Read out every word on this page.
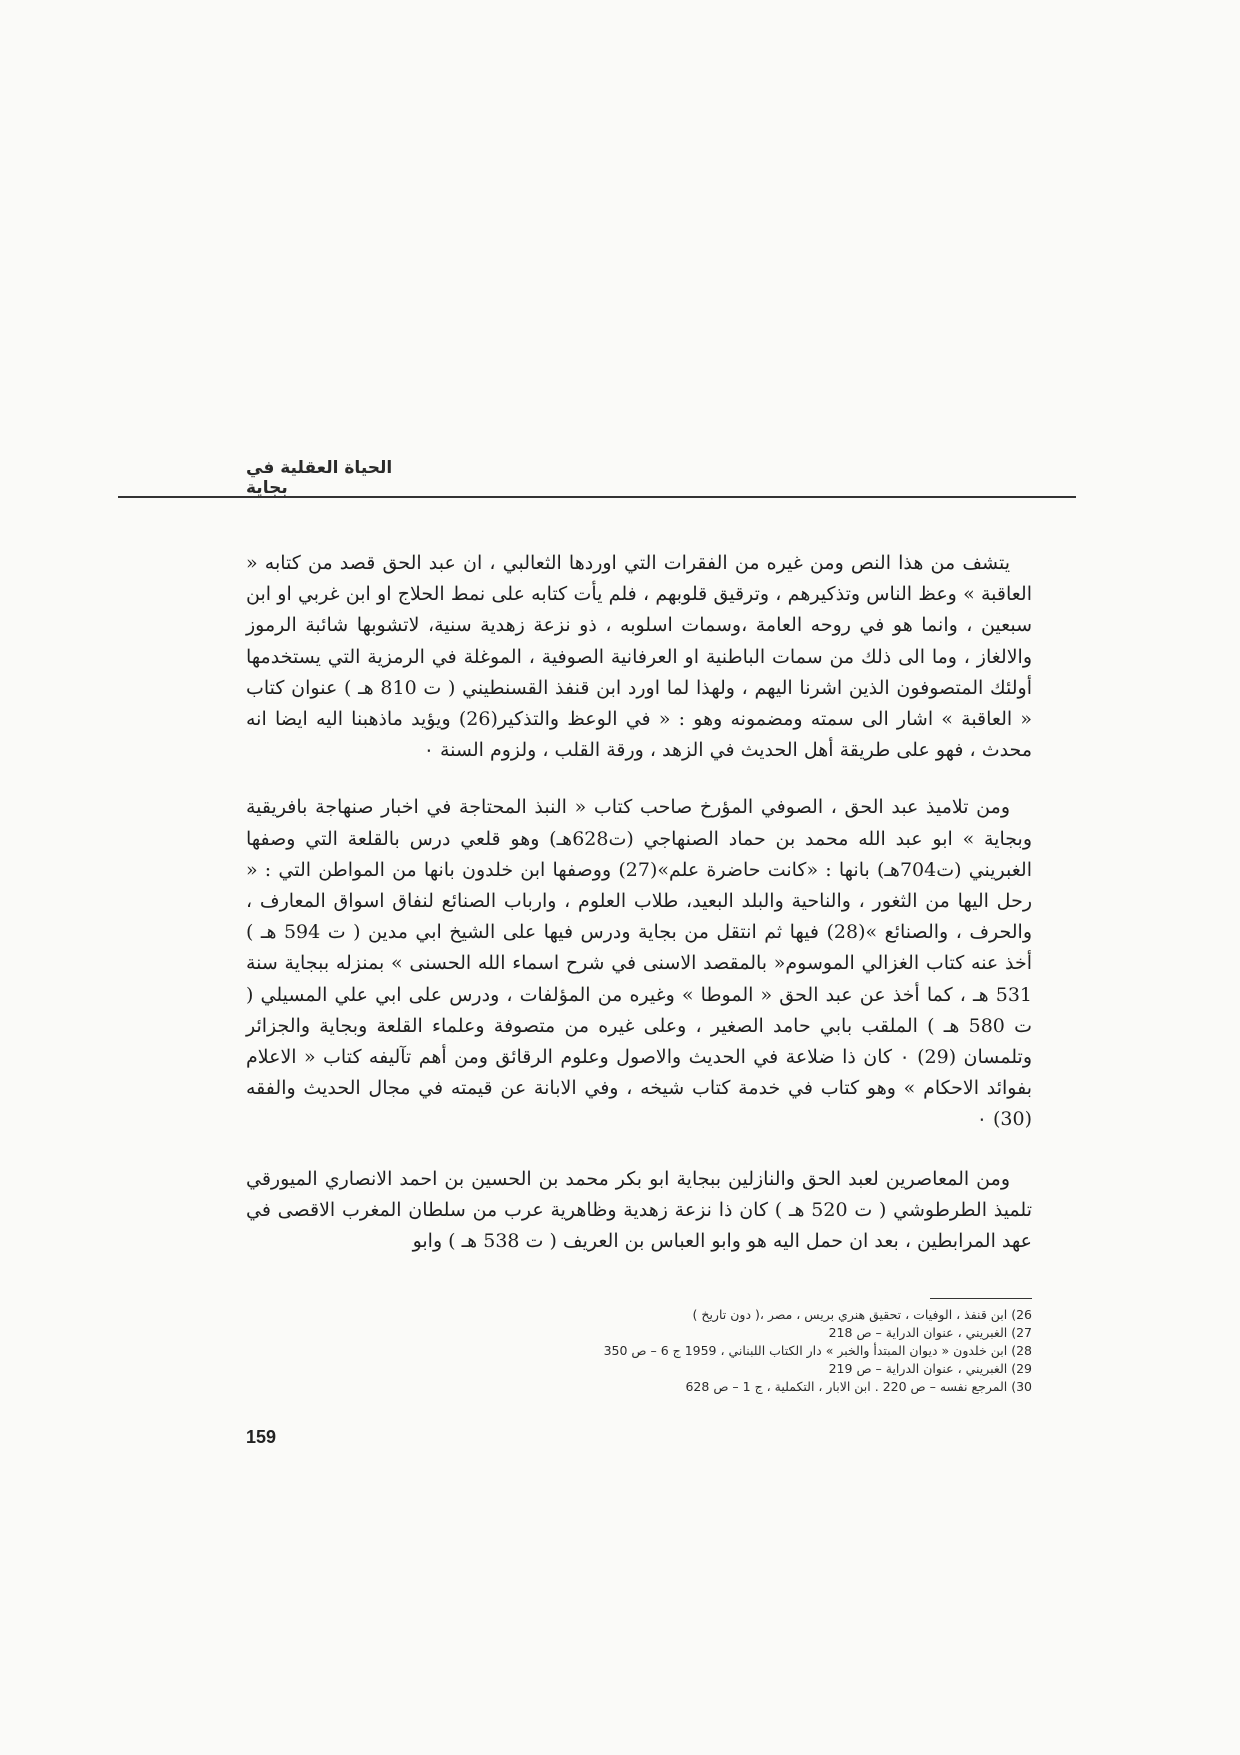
الحياة العقلية في بجاية

يتشف من هذا النص ومن غيره من الفقرات التي اوردها الثعالبي ، ان عبد الحق قصد من كتابه « العاقبة » وعظ الناس وتذكيرهم ، وترقيق قلوبهم ، فلم يأت كتابه على نمط الحلاج او ابن غربي او ابن سبعين ، وانما هو في روحه العامة ،وسمات اسلوبه ، ذو نزعة زهدية سنية، لاتشوبها شائبة الرموز والالغاز ، وما الى ذلك من سمات الباطنية او العرفانية الصوفية ، الموغلة في الرمزية التي يستخدمها أولئك المتصوفون الذين اشرنا اليهم ، ولهذا لما اورد ابن قنفذ القسنطيني ( ت 810 هـ ) عنوان كتاب « العاقبة » اشار الى سمته ومضمونه وهو : « في الوعظ والتذكير(26) ويؤيد ماذهبنا اليه ايضا انه محدث ، فهو على طريقة أهل الحديث في الزهد ، ورقة القلب ، ولزوم السنة ٠

ومن تلاميذ عبد الحق ، الصوفي المؤرخ صاحب كتاب « النبذ المحتاجة في اخبار صنهاجة بافريقية وبجاية » ابو عبد الله محمد بن حماد الصنهاجي (ت628هـ) وهو قلعي درس بالقلعة التي وصفها الغبريني (ت704هـ) بانها : «كانت حاضرة علم»(27) ووصفها ابن خلدون بانها من المواطن التي : « رحل اليها من الثغور ، والناحية والبلد البعيد، طلاب العلوم ، وارباب الصنائع لنفاق اسواق المعارف ، والحرف ، والصنائع »(28) فيها ثم انتقل من بجاية ودرس فيها على الشيخ ابي مدين ( ت 594 هـ ) أخذ عنه كتاب الغزالي الموسوم« بالمقصد الاسنى في شرح اسماء الله الحسنى » بمنزله ببجاية سنة 531 هـ ، كما أخذ عن عبد الحق « الموطا » وغيره من المؤلفات ، ودرس على ابي علي المسيلي ( ت 580 هـ ) الملقب بابي حامد الصغير ، وعلى غيره من متصوفة وعلماء القلعة وبجاية والجزائر وتلمسان (29) ٠ كان ذا ضلاعة في الحديث والاصول وعلوم الرقائق ومن أهم تآليفه كتاب « الاعلام بفوائد الاحكام » وهو كتاب في خدمة كتاب شيخه ، وفي الابانة عن قيمته في مجال الحديث والفقه (30) ٠

ومن المعاصرين لعبد الحق والنازلين ببجاية ابو بكر محمد بن الحسين بن احمد الانصاري الميورقي تلميذ الطرطوشي ( ت 520 هـ ) كان ذا نزعة زهدية وظاهرية عرب من سلطان المغرب الاقصى في عهد المرابطين ، بعد ان حمل اليه هو وابو العباس بن العريف ( ت 538 هـ ) وابو

26) ابن قنفذ ، الوفيات ، تحقيق هنري بريس ، مصر ،( دون تاريخ )
27) الغبريني ، عنوان الدراية – ص 218
28) ابن خلدون « ديوان المبتدأ والخبر » دار الكتاب اللبناني ، 1959 ج 6 – ص 350
29) الغبريني ، عنوان الدراية – ص 219
30) المرجع نفسه – ص 220 . ابن الابار ، التكملية ، ج 1 – ص 628
159
